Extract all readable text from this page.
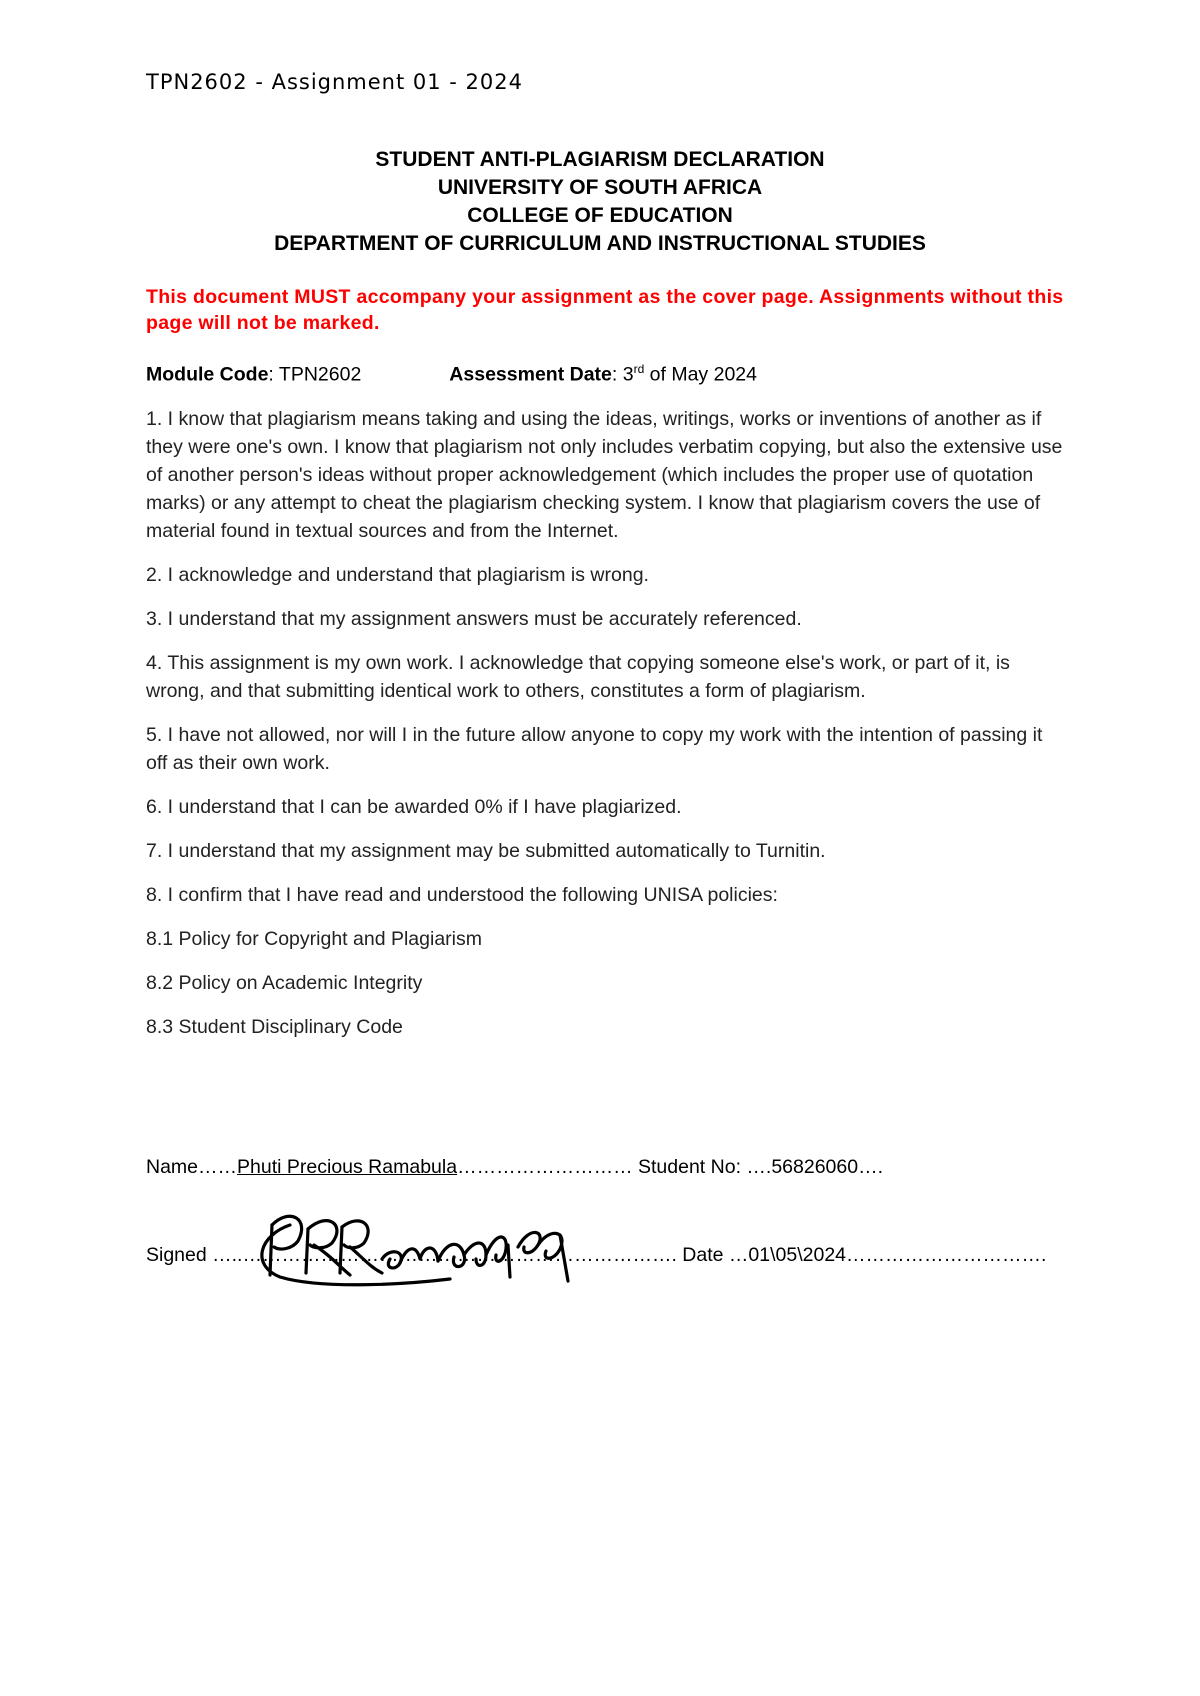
TPN2602 - Assignment 01 - 2024
STUDENT ANTI-PLAGIARISM DECLARATION
UNIVERSITY OF SOUTH AFRICA
COLLEGE OF EDUCATION
DEPARTMENT OF CURRICULUM AND INSTRUCTIONAL STUDIES
This document MUST accompany your assignment as the cover page. Assignments without this page will not be marked.
Module Code: TPN2602	Assessment Date: 3rd of May 2024

1. I know that plagiarism means taking and using the ideas, writings, works or inventions of another as if they were one's own. I know that plagiarism not only includes verbatim copying, but also the extensive use of another person's ideas without proper acknowledgement (which includes the proper use of quotation marks) or any attempt to cheat the plagiarism checking system. I know that plagiarism covers the use of material found in textual sources and from the Internet.

2. I acknowledge and understand that plagiarism is wrong.

3. I understand that my assignment answers must be accurately referenced.

4. This assignment is my own work. I acknowledge that copying someone else's work, or part of it, is wrong, and that submitting identical work to others, constitutes a form of plagiarism.

5. I have not allowed, nor will I in the future allow anyone to copy my work with the intention of passing it off as their own work.

6. I understand that I can be awarded 0% if I have plagiarized.

7. I understand that my assignment may be submitted automatically to Turnitin.

8. I confirm that I have read and understood the following UNISA policies:

8.1 Policy for Copyright and Plagiarism

8.2 Policy on Academic Integrity

8.3 Student Disciplinary Code

Name……Phuti Precious Ramabula……………………… Student No: ….56826060….
Signed …..…………………………………………………………. Date …01\05\2024………………………….
